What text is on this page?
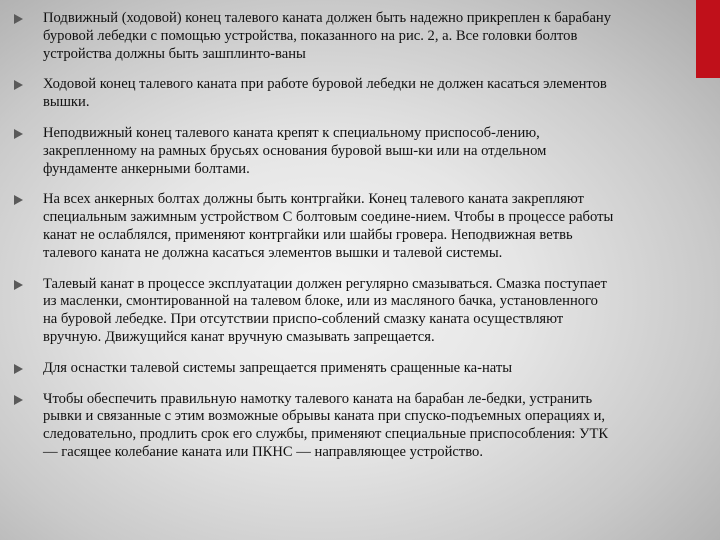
Подвижный (ходовой) конец талевого каната должен быть надежно прикреплен к барабану буровой лебедки с помощью устройства, показанного на рис. 2, а. Все головки болтов устройства должны быть зашплинто-ваны
Ходовой конец талевого каната при работе буровой лебедки не должен касаться элементов вышки.
Неподвижный конец талевого каната крепят к специальному приспособ-лению, закрепленному на рамных брусьях основания буровой выш-ки или на отдельном фундаменте анкерными болтами.
На всех анкерных болтах должны быть контргайки. Конец талевого каната закрепляют специальным зажимным устройством С болтовым соедине-нием. Чтобы в процессе работы канат не ослаблялся, применяют контргайки или шайбы гровера. Неподвижная ветвь талевого каната не должна касаться элементов вышки и талевой системы.
Талевый канат в процессе эксплуатации должен регулярно смазываться. Смазка поступает из масленки, смонтированной на талевом блоке, или из масляного бачка, установленного на буровой лебедке. При отсутствии приспо-соблений смазку каната осуществляют вручную. Движущийся канат вручную смазывать запрещается.
Для оснастки талевой системы запрещается применять сращенные ка-наты
Чтобы обеспечить правильную намотку талевого каната на барабан ле-бедки, устранить рывки и связанные с этим возможные обрывы каната при спуско-подъемных операциях и, следовательно, продлить срок его службы, применяют специальные приспособления: УТК — гасящее колебание каната или ПКНС — направляющее устройство.
